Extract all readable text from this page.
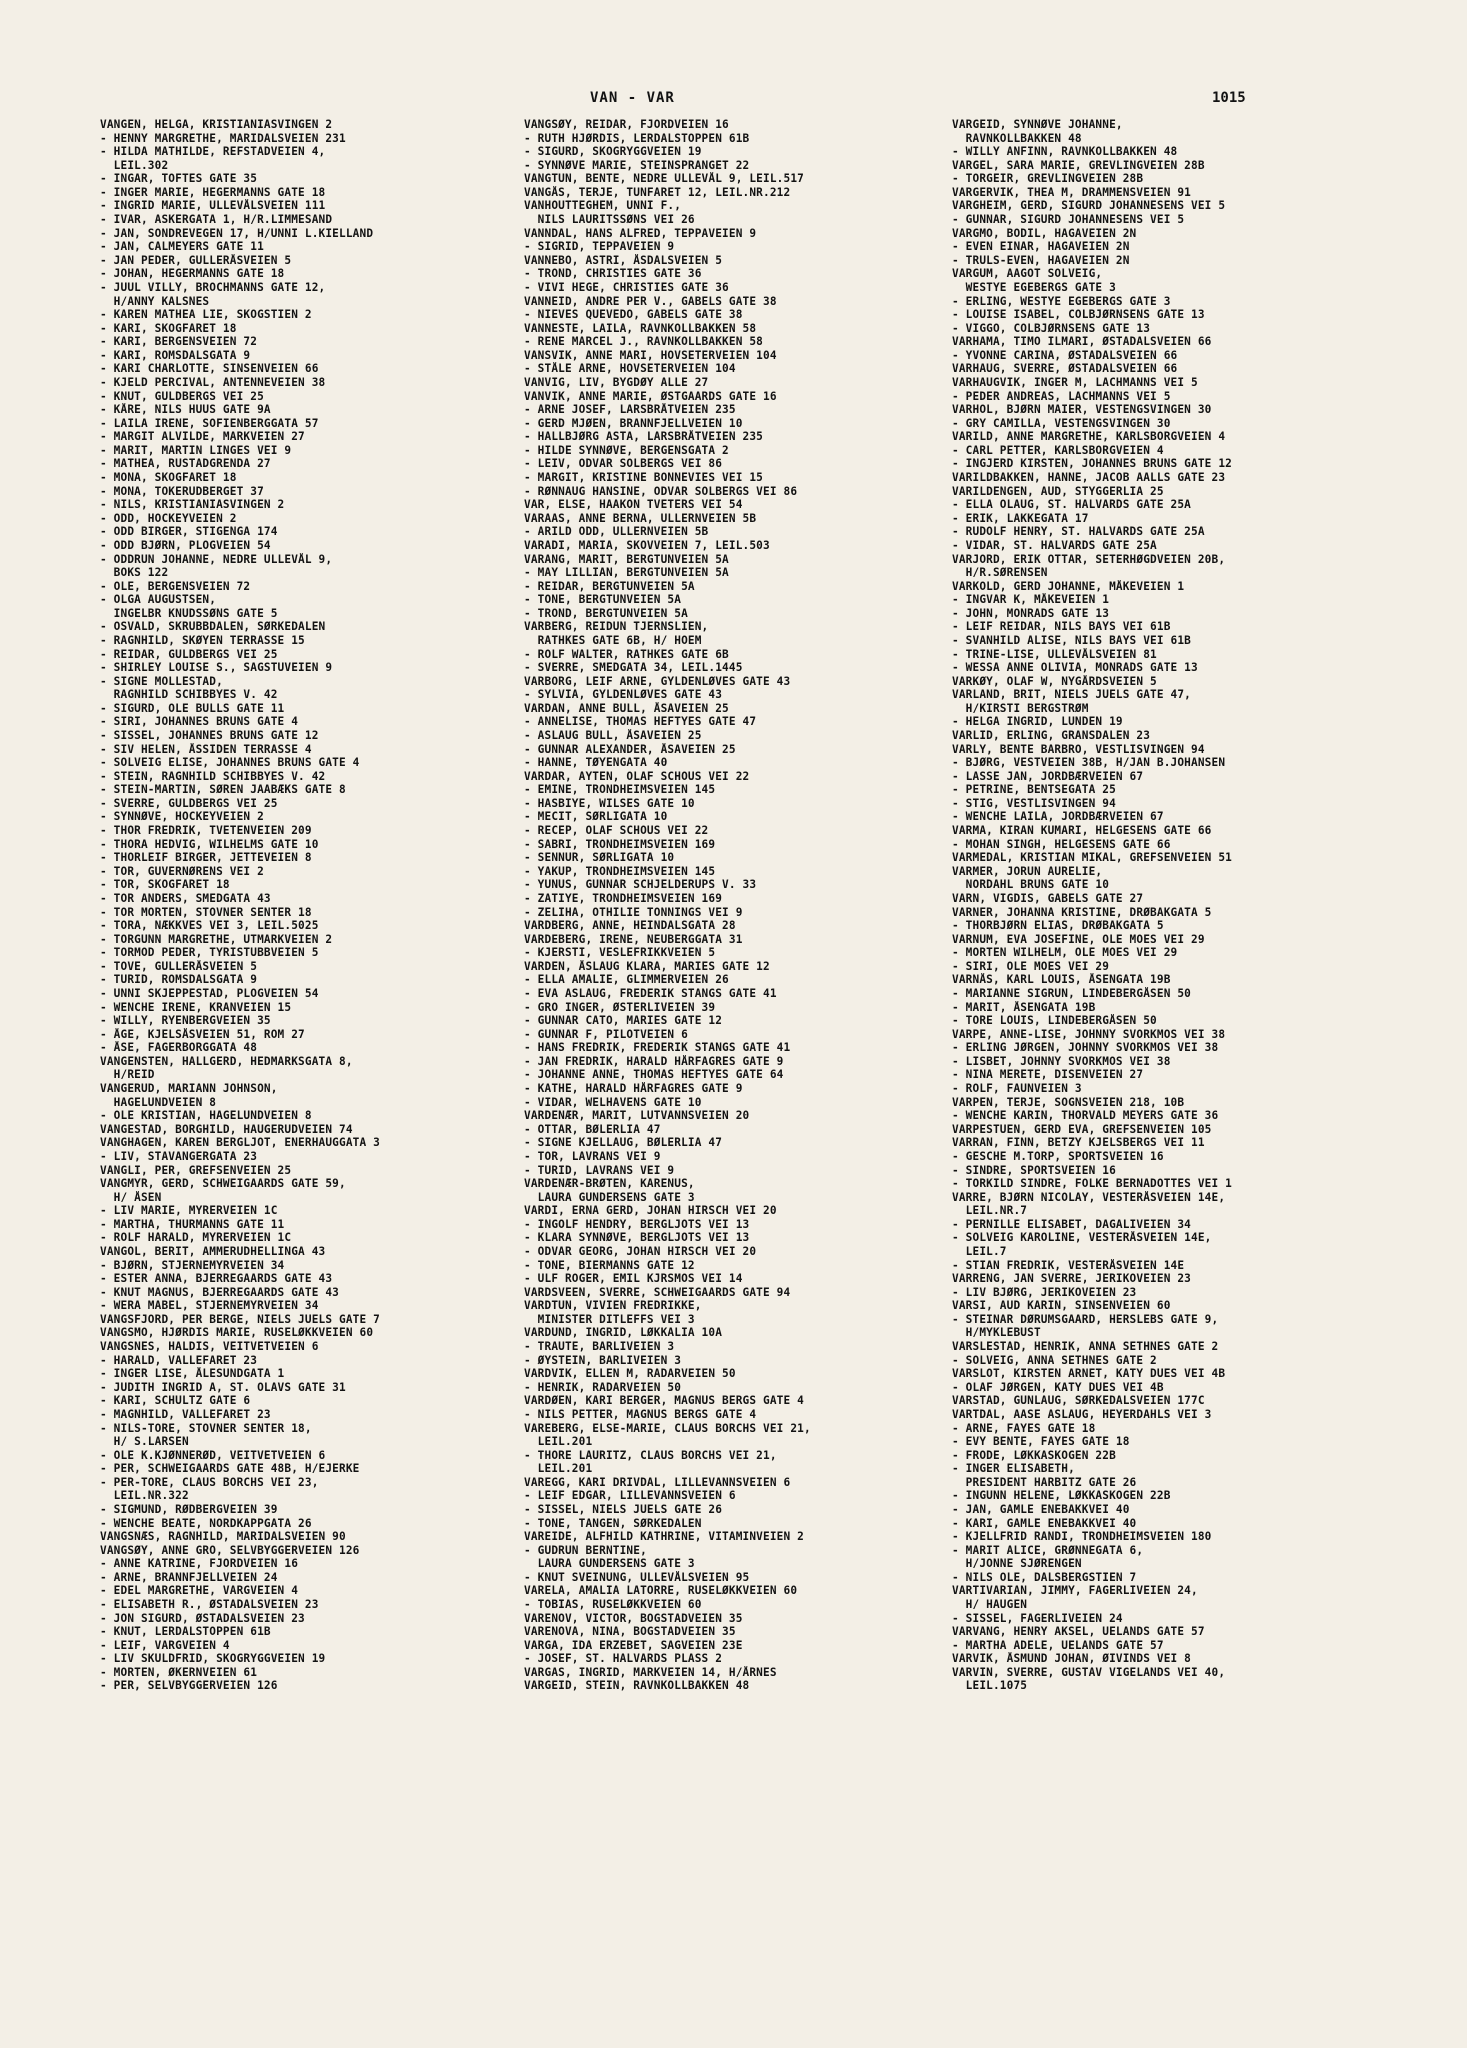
VAN - VAR	1015
VANGEN, HELGA, KRISTIANIASVINGEN 2
- HENNY MARGRETHE, MARIDALSVEIEN 231
- HILDA MATHILDE, REFSTADVEIEN 4,
LEIL.302
- INGAR, TOFTES GATE 35
- INGER MARIE, HEGERMANNS GATE 18
- INGRID MARIE, ULLEVÅLSVEIEN 111
- IVAR, ASKERGATA 1, H/R.LIMMESAND
- JAN, SONDREVEGEN 17, H/UNNI L.KIELLAND
- JAN, CALMEYERS GATE 11
- JAN PEDER, GULLERÅSVEIEN 5
- JOHAN, HEGERMANNS GATE 18
- JUUL VILLY, BROCHMANNS GATE 12,
H/ANNY KALSNES
- KAREN MATHEA LIE, SKOGSTIEN 2
- KARI, SKOGFARET 18
- KARI, BERGENSVEIEN 72
- KARI, ROMSDALSGATA 9
- KARI CHARLOTTE, SINSENVEIEN 66
- KJELD PERCIVAL, ANTENNEVEIEN 38
- KNUT, GULDBERGS VEI 25
- KÅRE, NILS HUUS GATE 9A
- LAILA IRENE, SOFIENBERGGATA 57
- MARGIT ALVILDE, MARKVEIEN 27
- MARIT, MARTIN LINGES VEI 9
- MATHEA, RUSTADGRENDA 27
- MONA, SKOGFARET 18
- MONA, TOKERUDBERGET 37
- NILS, KRISTIANIASVINGEN 2
- ODD, HOCKEYVEIEN 2
- ODD BIRGER, STIGENGA 174
- ODD BJØRN, PLOGVEIEN 54
- ODDRUN JOHANNE, NEDRE ULLEVÅL 9,
BOKS 122
- OLE, BERGENSVEIEN 72
- OLGA AUGUSTSEN,
INGELBR KNUDSSØNS GATE 5
- OSVALD, SKRUBBDALEN, SØRKEDALEN
- RAGNHILD, SKØYEN TERRASSE 15
- REIDAR, GULDBERGS VEI 25
- SHIRLEY LOUISE S., SAGSTUVEIEN 9
- SIGNE MOLLESTAD,
RAGNHILD SCHIBBYES V. 42
- SIGURD, OLE BULLS GATE 11
- SIRI, JOHANNES BRUNS GATE 4
- SISSEL, JOHANNES BRUNS GATE 12
- SIV HELEN, ÅSSIDEN TERRASSE 4
- SOLVEIG ELISE, JOHANNES BRUNS GATE 4
- STEIN, RAGNHILD SCHIBBYES V. 42
- STEIN-MARTIN, SØREN JAABÆKS GATE 8
- SVERRE, GULDBERGS VEI 25
- SYNNØVE, HOCKEYVEIEN 2
- THOR FREDRIK, TVETENVEIEN 209
- THORA HEDVIG, WILHELMS GATE 10
- THORLEIF BIRGER, JETTEVEIEN 8
- TOR, GUVERNØRENS VEI 2
- TOR, SKOGFARET 18
- TOR ANDERS, SMEDGATA 43
- TOR MORTEN, STOVNER SENTER 18
- TORA, NÆKKVES VEI 3, LEIL.5025
- TORGUNN MARGRETHE, UTMARKVEIEN 2
- TORMOD PEDER, TYRISTUBBVEIEN 5
- TOVE, GULLERÅSVEIEN 5
- TURID, ROMSDALSGATA 9
- UNNI SKJEPPESTAD, PLOGVEIEN 54
- WENCHE IRENE, KRANVEIEN 15
- WILLY, RYENBERGVEIEN 35
- ÅGE, KJELSÅSVEIEN 51, ROM 27
- ÅSE, FAGERBORGGATA 48
VANGENSTEN, HALLGERD, HEDMARKSGATA 8,
H/REID
VANGERUD, MARIANN JOHNSON,
HAGELUNDVEIEN 8
- OLE KRISTIAN, HAGELUNDVEIEN 8
VANGESTAD, BORGHILD, HAUGERUDVEIEN 74
VANGHAGEN, KAREN BERGLJOT, ENERHAUGGATA 3
- LIV, STAVANGERGATA 23
VANGLI, PER, GREFSENVEIEN 25
VANGMYR, GERD, SCHWEIGAARDS GATE 59,
H/ ÅSEN
- LIV MARIE, MYRERVEIEN 1C
- MARTHA, THURMANNS GATE 11
- ROLF HARALD, MYRERVEIEN 1C
VANGOL, BERIT, AMMERUDHELLINGA 43
- BJØRN, STJERNEMYRVEIEN 34
- ESTER ANNA, BJERREGAARDS GATE 43
- KNUT MAGNUS, BJERREGAARDS GATE 43
- WERA MABEL, STJERNEMYRVEIEN 34
VANGSFJORD, PER BERGE, NIELS JUELS GATE 7
VANGSMO, HJØRDIS MARIE, RUSELØKKVEIEN 60
VANGSNES, HALDIS, VEITVETVEIEN 6
- HARALD, VALLEFARET 23
- INGER LISE, ÅLESUNDGATA 1
- JUDITH INGRID A, ST. OLAVS GATE 31
- KARI, SCHULTZ GATE 6
- MAGNHILD, VALLEFARET 23
- NILS-TORE, STOVNER SENTER 18,
H/ S.LARSEN
- OLE K.KJØNNERØD, VEITVETVEIEN 6
- PER, SCHWEIGAARDS GATE 48B, H/EJERKE
- PER-TORE, CLAUS BORCHS VEI 23,
LEIL.NR.322
- SIGMUND, RØDBERGVEIEN 39
- WENCHE BEATE, NORDKAPPGATA 26
VANGSNÆS, RAGNHILD, MARIDALSVEIEN 90
VANGSØY, ANNE GRO, SELVBYGGERVEIEN 126
- ANNE KATRINE, FJORDVEIEN 16
- ARNE, BRANNFJELLVEIEN 24
- EDEL MARGRETHE, VARGVEIEN 4
- ELISABETH R., ØSTADALSVEIEN 23
- JON SIGURD, ØSTADALSVEIEN 23
- KNUT, LERDALSTOPPEN 61B
- LEIF, VARGVEIEN 4
- LIV SKULDFRID, SKOGRYGGVEIEN 19
- MORTEN, ØKERNVEIEN 61
- PER, SELVBYGGERVEIEN 126
VANGSØY, REIDAR, FJORDVEIEN 16
- RUTH HJØRDIS, LERDALSTOPPEN 61B
- SIGURD, SKOGRYGGVEIEN 19
- SYNNØVE MARIE, STEINSPRANGET 22
VANGTUN, BENTE, NEDRE ULLEVÅL 9, LEIL.517
VANGÅS, TERJE, TUNFARET 12, LEIL.NR.212
VANHOUTTEGHEM, UNNI F.,
NILS LAURITSSØNS VEI 26
VANNDAL, HANS ALFRED, TEPPAVEIEN 9
- SIGRID, TEPPAVEIEN 9
VANNEBO, ASTRI, ÅSDALSVEIEN 5
- TROND, CHRISTIES GATE 36
- VIVI HEGE, CHRISTIES GATE 36
VANNEID, ANDRE PER V., GABELS GATE 38
- NIEVES QUEVEDO, GABELS GATE 38
VANNESTE, LAILA, RAVNKOLLBAKKEN 58
- RENE MARCEL J., RAVNKOLLBAKKEN 58
VANSVIK, ANNE MARI, HOVSETERVEIEN 104
- STÅLE ARNE, HOVSETERVEIEN 104
VANVIG, LIV, BYGDØY ALLE 27
VANVIK, ANNE MARIE, ØSTGAARDS GATE 16
- ARNE JOSEF, LARSBRÅTVEIEN 235
- GERD MJØEN, BRANNFJELLVEIEN 10
- HALLBJØRG ASTA, LARSBRÅTVEIEN 235
- HILDE SYNNØVE, BERGENSGATA 2
- LEIV, ODVAR SOLBERGS VEI 86
- MARGIT, KRISTINE BONNEVIES VEI 15
- RØNNAUG HANSINE, ODVAR SOLBERGS VEI 86
VAR, ELSE, HAAKON TVETERS VEI 54
VARAAS, ANNE BERNA, ULLERNVEIEN 5B
- ARILD ODD, ULLERNVEIEN 5B
VARADI, MARIA, SKOVVEIEN 7, LEIL.503
VARANG, MARIT, BERGTUNVEIEN 5A
- MAY LILLIAN, BERGTUNVEIEN 5A
- REIDAR, BERGTUNVEIEN 5A
- TONE, BERGTUNVEIEN 5A
- TROND, BERGTUNVEIEN 5A
VARBERG, REIDUN TJERNSLIEN,
RATHKES GATE 6B, H/ HOEM
- ROLF WALTER, RATHKES GATE 6B
- SVERRE, SMEDGATA 34, LEIL.1445
VARBORG, LEIF ARNE, GYLDENLØVES GATE 43
- SYLVIA, GYLDENLØVES GATE 43
VARDAN, ANNE BULL, ÅSAVEIEN 25
- ANNELISE, THOMAS HEFTYES GATE 47
- ASLAUG BULL, ÅSAVEIEN 25
- GUNNAR ALEXANDER, ÅSAVEIEN 25
- HANNE, TØYENGATA 40
VARDAR, AYTEN, OLAF SCHOUS VEI 22
- EMINE, TRONDHEIMSVEIEN 145
- HASBIYE, WILSES GATE 10
- MECIT, SØRLIGATA 10
- RECEP, OLAF SCHOUS VEI 22
- SABRI, TRONDHEIMSVEIEN 169
- SENNUR, SØRLIGATA 10
- YAKUP, TRONDHEIMSVEIEN 145
- YUNUS, GUNNAR SCHJELDERUPS V. 33
- ZATIYE, TRONDHEIMSVEIEN 169
- ZELIHA, OTHILIE TONNINGS VEI 9
VARDBERG, ANNE, HEINDALSGATA 28
VARDEBERG, IRENE, NEUBERGGATA 31
- KJERSTI, VESLEFRIKKVEIEN 5
VARDEN, ÅSLAUG KLARA, MARIES GATE 12
- ELLA AMALIE, GLIMMERVEIEN 26
- EVA ASLAUG, FREDERIK STANGS GATE 41
- GRO INGER, ØSTERLIVEIEN 39
- GUNNAR CATO, MARIES GATE 12
- GUNNAR F, PILOTVEIEN 6
- HANS FREDRIK, FREDERIK STANGS GATE 41
- JAN FREDRIK, HARALD HÅRFAGRES GATE 9
- JOHANNE ANNE, THOMAS HEFTYES GATE 64
- KATHE, HARALD HÅRFAGRES GATE 9
- VIDAR, WELHAVENS GATE 10
VARDENÆR, MARIT, LUTVANNSVEIEN 20
- OTTAR, BØLERLIA 47
- SIGNE KJELLAUG, BØLERLIA 47
- TOR, LAVRANS VEI 9
- TURID, LAVRANS VEI 9
VARDENÆR-BRØTEN, KARENUS,
LAURA GUNDERSENS GATE 3
VARDI, ERNA GERD, JOHAN HIRSCH VEI 20
- INGOLF HENDRY, BERGLJOTS VEI 13
- KLARA SYNNØVE, BERGLJOTS VEI 13
- ODVAR GEORG, JOHAN HIRSCH VEI 20
- TONE, BIERMANNS GATE 12
- ULF ROGER, EMIL KJRSMOS VEI 14
VARDSVEEN, SVERRE, SCHWEIGAARDS GATE 94
VARDTUN, VIVIEN FREDRIKKE,
MINISTER DITLEFFS VEI 3
VARDUND, INGRID, LØKKALIA 10A
- TRAUTE, BARLIVEIEN 3
- ØYSTEIN, BARLIVEIEN 3
VARDVIK, ELLEN M, RADARVEIEN 50
- HENRIK, RADARVEIEN 50
VARDØEN, KARI BERGER, MAGNUS BERGS GATE 4
- NILS PETTER, MAGNUS BERGS GATE 4
VAREBERG, ELSE-MARIE, CLAUS BORCHS VEI 21,
LEIL.201
- THORE LAURITZ, CLAUS BORCHS VEI 21,
LEIL.201
VAREGG, KARI DRIVDAL, LILLEVANNSVEIEN 6
- LEIF EDGAR, LILLEVANNSVEIEN 6
- SISSEL, NIELS JUELS GATE 26
- TONE, TANGEN, SØRKEDALEN
VAREIDE, ALFHILD KATHRINE, VITAMINVEIEN 2
- GUDRUN BERNTINE,
LAURA GUNDERSENS GATE 3
- KNUT SVEINUNG, ULLEVÅLSVEIEN 95
VARELA, AMALIA LATORRE, RUSELØKKVEIEN 60
- TOBIAS, RUSELØKKVEIEN 60
VARENOV, VICTOR, BOGSTADVEIEN 35
VARENOVA, NINA, BOGSTADVEIEN 35
VARGA, IDA ERZEBET, SAGVEIEN 23E
- JOSEF, ST. HALVARDS PLASS 2
VARGAS, INGRID, MARKVEIEN 14, H/ÅRNES
VARGEID, STEIN, RAVNKOLLBAKKEN 48
VARGEID, SYNNØVE JOHANNE,
RAVNKOLLBAKKEN 48
- WILLY ANFINN, RAVNKOLLBAKKEN 48
VARGEL, SARA MARIE, GREVLINGVEIEN 28B
- TORGEIR, GREVLINGVEIEN 28B
VARGERVIK, THEA M, DRAMMENSVEIEN 91
VARGHEIM, GERD, SIGURD JOHANNESENS VEI 5
- GUNNAR, SIGURD JOHANNESENS VEI 5
VARGMO, BODIL, HAGAVEIEN 2N
- EVEN EINAR, HAGAVEIEN 2N
- TRULS-EVEN, HAGAVEIEN 2N
VARGUM, AAGOT SOLVEIG,
WESTYE EGEBERGS GATE 3
- ERLING, WESTYE EGEBERGS GATE 3
- LOUISE ISABEL, COLBJØRNSENS GATE 13
- VIGGO, COLBJØRNSENS GATE 13
VARHAMA, TIMO ILMARI, ØSTADALSVEIEN 66
- YVONNE CARINA, ØSTADALSVEIEN 66
VARHAUG, SVERRE, ØSTADALSVEIEN 66
VARHAUGVIK, INGER M, LACHMANNS VEI 5
- PEDER ANDREAS, LACHMANNS VEI 5
VARHOL, BJØRN MAIER, VESTENGSVINGEN 30
- GRY CAMILLA, VESTENGSVINGEN 30
VARILD, ANNE MARGRETHE, KARLSBORGVEIEN 4
- CARL PETTER, KARLSBORGVEIEN 4
- INGJERD KIRSTEN, JOHANNES BRUNS GATE 12
VARILDBAKKEN, HANNE, JACOB AALLS GATE 23
VARILDENGEN, AUD, STYGGERLIA 25
- ELLA OLAUG, ST. HALVARDS GATE 25A
- ERIK, LAKKEGATA 17
- RUDOLF HENRY, ST. HALVARDS GATE 25A
- VIDAR, ST. HALVARDS GATE 25A
VARJORD, ERIK OTTAR, SETERHØGDVEIEN 20B,
H/R.SØRENSEN
VARKOLD, GERD JOHANNE, MÅKEVEIEN 1
- INGVAR K, MÅKEVEIEN 1
- JOHN, MONRADS GATE 13
- LEIF REIDAR, NILS BAYS VEI 61B
- SVANHILD ALISE, NILS BAYS VEI 61B
- TRINE-LISE, ULLEVÅLSVEIEN 81
- WESSA ANNE OLIVIA, MONRADS GATE 13
VARKØY, OLAF W, NYGÅRDSVEIEN 5
VARLAND, BRIT, NIELS JUELS GATE 47,
H/KIRSTI BERGSTRØM
- HELGA INGRID, LUNDEN 19
VARLID, ERLING, GRANSDALEN 23
VARLY, BENTE BARBRO, VESTLISVINGEN 94
- BJØRG, VESTVEIEN 38B, H/JAN B.JOHANSEN
- LASSE JAN, JORDBÆRVEIEN 67
- PETRINE, BENTSEGATA 25
- STIG, VESTLISVINGEN 94
- WENCHE LAILA, JORDBÆRVEIEN 67
VARMA, KIRAN KUMARI, HELGESENS GATE 66
- MOHAN SINGH, HELGESENS GATE 66
VARMEDAL, KRISTIAN MIKAL, GREFSENVEIEN 51
VARMER, JORUN AURELIE,
NORDAHL BRUNS GATE 10
VARN, VIGDIS, GABELS GATE 27
VARNER, JOHANNA KRISTINE, DRØBAKGATA 5
- THORBJØRN ELIAS, DRØBAKGATA 5
VARNUM, EVA JOSEFINE, OLE MOES VEI 29
- MORTEN WILHELM, OLE MOES VEI 29
- SIRI, OLE MOES VEI 29
VARNÅS, KARL LOUIS, ÅSENGATA 19B
- MARIANNE SIGRUN, LINDEBERGÅSEN 50
- MARIT, ÅSENGATA 19B
- TORE LOUIS, LINDEBERGÅSEN 50
VARPE, ANNE-LISE, JOHNNY SVORKMOS VEI 38
- ERLING JØRGEN, JOHNNY SVORKMOS VEI 38
- LISBET, JOHNNY SVORKMOS VEI 38
- NINA MERETE, DISENVEIEN 27
- ROLF, FAUNVEIEN 3
VARPEN, TERJE, SOGNSVEIEN 218, 10B
- WENCHE KARIN, THORVALD MEYERS GATE 36
VARPESTUEN, GERD EVA, GREFSENVEIEN 105
VARRAN, FINN, BETZY KJELSBERGS VEI 11
- GESCHE M.TORP, SPORTSVEIEN 16
- SINDRE, SPORTSVEIEN 16
- TORKILD SINDRE, FOLKE BERNADOTTES VEI 1
VARRE, BJØRN NICOLAY, VESTERÅSVEIEN 14E,
LEIL.NR.7
- PERNILLE ELISABET, DAGALIVEIEN 34
- SOLVEIG KAROLINE, VESTERÅSVEIEN 14E,
LEIL.7
- STIAN FREDRIK, VESTERÅSVEIEN 14E
VARRENG, JAN SVERRE, JERIKOVEIEN 23
- LIV BJØRG, JERIKOVEIEN 23
VARSI, AUD KARIN, SINSENVEIEN 60
- STEINAR DØRUMSGAARD, HERSLEBS GATE 9,
H/MYKLEBUST
VARSLESTAD, HENRIK, ANNA SETHNES GATE 2
- SOLVEIG, ANNA SETHNES GATE 2
VARSLOT, KIRSTEN ARNET, KATY DUES VEI 4B
- OLAF JØRGEN, KATY DUES VEI 4B
VARSTAD, GUNLAUG, SØRKEDALSVEIEN 177C
VARTDAL, AASE ASLAUG, HEYERDAHLS VEI 3
- ARNE, FAYES GATE 18
- EVY BENTE, FAYES GATE 18
- FRODE, LØKKASKOGEN 22B
- INGER ELISABETH,
PRESIDENT HARBITZ GATE 26
- INGUNN HELENE, LØKKASKOGEN 22B
- JAN, GAMLE ENEBAKKVEI 40
- KARI, GAMLE ENEBAKKVEI 40
- KJELLFRID RANDI, TRONDHEIMSVEIEN 180
- MARIT ALICE, GRØNNEGATA 6,
H/JONNE SJØRENGEN
- NILS OLE, DALSBERGSTIEN 7
VARTIVARIAN, JIMMY, FAGERLIVEIEN 24,
H/ HAUGEN
- SISSEL, FAGERLIVEIEN 24
VARVANG, HENRY AKSEL, UELANDS GATE 57
- MARTHA ADELE, UELANDS GATE 57
VARVIK, ÅSMUND JOHAN, ØIVINDS VEI 8
VARVIN, SVERRE, GUSTAV VIGELANDS VEI 40,
LEIL.1075
